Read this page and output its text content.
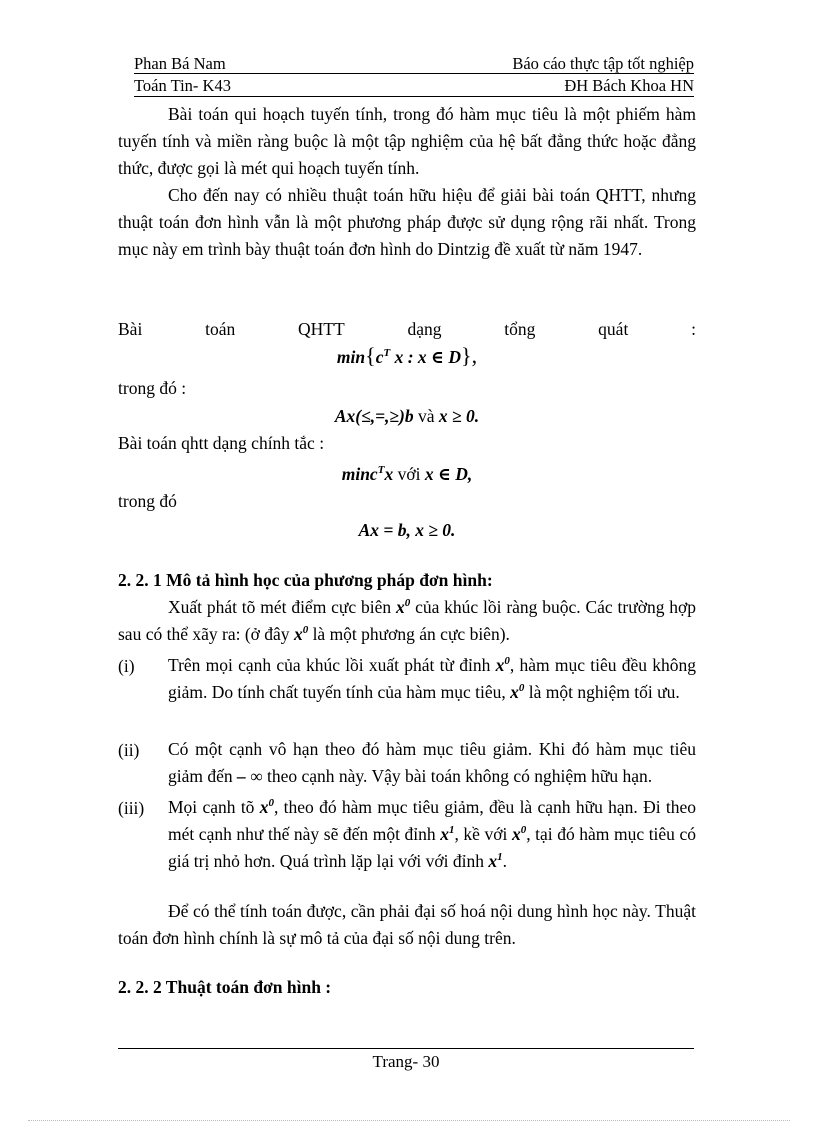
Phan Bá Nam	Báo cáo thực tập tốt nghiệp
Toán Tin- K43	ĐH Bách Khoa HN

Bài toán qui hoạch tuyến tính, trong đó hàm mục tiêu là một phiếm hàm tuyến tính và miền ràng buộc là một tập nghiệm của hệ bất đẳng thức hoặc đẳng thức, được gọi là mét qui hoạch tuyến tính.

Cho đến nay có nhiều thuật toán hữu hiệu để giải bài toán QHTT, nhưng thuật toán đơn hình vẫn là một phương pháp được sử dụng rộng rãi nhất. Trong mục này em trình bày thuật toán đơn hình do Dintzig đề xuất từ năm 1947.

Bài	toán	QHTT	dạng	tổng	quát	:
$\min\{c^T$ x : x ∈ D},

trong đó :

Ax(≤,=,≥)b và x ≥ 0.

Bài toán qhtt dạng chính tắc :

minc$^T$x với x ∈ D,

trong đó

Ax = b, x ≥ 0.
2. 2. 1 Mô tả hình học của phương pháp đơn hình:

Xuất phát tõ mét điểm cực biên $x^0$ của khúc lồi ràng buộc. Các trường hợp sau có thể xãy ra: (ở đây $x^0$ là một phương án cực biên).

(i)	Trên mọi cạnh của khúc lồi xuất phát từ đỉnh $x^0$, hàm mục tiêu đều không giảm. Do tính chất tuyến tính của hàm mục tiêu, $x^0$ là một nghiệm tối ưu.

(ii)	Có một cạnh vô hạn theo đó hàm mục tiêu giảm. Khi đó hàm mục tiêu giảm đến – ∞ theo cạnh này. Vậy bài toán không có nghiệm hữu hạn.

(iii)	Mọi cạnh tõ $x^0$, theo đó hàm mục tiêu giảm, đều là cạnh hữu hạn. Đi theo mét cạnh như thế này sẽ đến một đỉnh $x^1$, kề với $x^0$, tại đó hàm mục tiêu có giá trị nhỏ hơn. Quá trình lặp lại với với đỉnh $x^1$.

Để có thể tính toán được, cần phải đại số hoá nội dung hình học này. Thuật toán đơn hình chính là sự mô tả của đại số nội dung trên.

2. 2. 2 Thuật toán đơn hình :
Trang- 30
